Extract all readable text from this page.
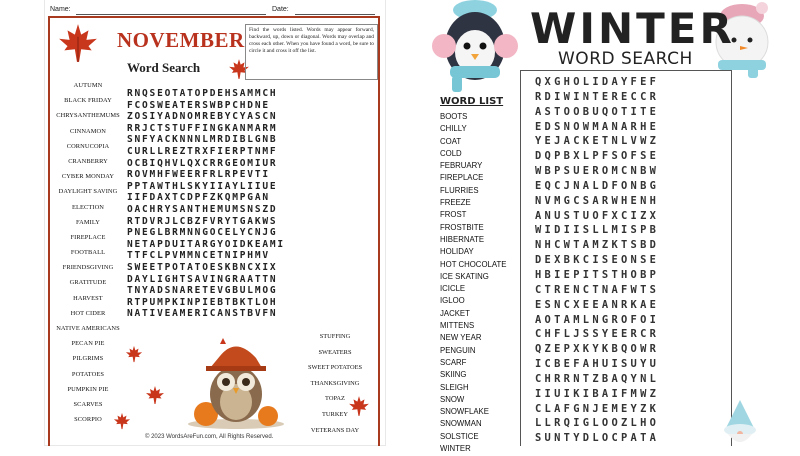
Name:	Date:
NOVEMBER
Word Search
Find the words listed. Words may appear forward, backward, up, down or diagonal. Words may overlap and cross each other. When you have found a word, be sure to circle it and cross it off the list.
AUTUMN
BLACK FRIDAY
CHRYSANTHEMUMS
CINNAMON
CORNUCOPIA
CRANBERRY
CYBER MONDAY
DAYLIGHT SAVING
ELECTION
FAMILY
FIREPLACE
FOOTBALL
FRIENDSGIVING
GRATITUDE
HARVEST
HOT CIDER
NATIVE AMERICANS
PECAN PIE
PILGRIMS
POTATOES
PUMPKIN PIE
SCARVES
SCORPIO
RNQSEOTATOPDEHSAMMCH
FCOSWEATERSWBPCHDNE
ZOSIYADNOMREBYCYASCN
RRJCTSTUFFINGKANMARM
SNFYACKNNNLMRDIBLGNB
CURLLREZTRXFIERPTNMF
OCBIQHVLQXCRRGEOMIUR
ROVMHFWEERFRLRPEVTI
PPTAWTHLSKYIIAYLIIUE
IIFDAXTCDPFZKQMPGAN
OACHRYSANTHEMUMSNSZD
RTDVRJLCBZFVRYTGAKWS
PNEGLBRMNNGOCELYCNJG
NETAPDUITARGYOIDKEAMI
TTFCLPVMMNCETNIPHMV
SWEETPOTATOESKBNCXIX
DAYLIGHTSAVINGRAATTN
TNYADSNARETEVGBULMOG
RTPUMPKINPIEBTBKTLOH
NATIVEAMERICANSTBVFN
STUFFING
SWEATERS
SWEET POTATOES
THANKSGIVING
TOPAZ
TURKEY
VETERANS DAY
© 2023 WordsAreFun.com, All Rights Reserved.
WINTER
WORD SEARCH
WORD LIST
BOOTS
CHILLY
COAT
COLD
FEBRUARY
FIREPLACE
FLURRIES
FREEZE
FROST
FROSTBITE
HIBERNATE
HOLIDAY
HOT CHOCOLATE
ICE SKATING
ICICLE
IGLOO
JACKET
MITTENS
NEW YEAR
PENGUIN
SCARF
SKIING
SLEIGH
SNOW
SNOWFLAKE
SNOWMAN
SOLSTICE
WINTER
QXGHOLIDAYFEF
RDIWINTERECCR
ASTOOBUQOTITE
EDSNOWMANARHE
YEJACKETNLVWZ
DQPBXLPFSOFSE
WBPSUEROMCNBW
EQCJNALDFONBG
NVMGCSARWHENH
ANUSTUOFXCIZX
WIDIISLLMISPB
NHCWTAMZKTSBD
DEXBKCISEONSE
HBIEPITSTHOBP
CTRENCTNAFWTS
ESNCXEEANRKAE
AOTAMLNGROFOI
CHFLJSSYEERCR
QZEPXKYKBQOWR
ICBEFAHUISUYU
CHRRNTZBAQYNL
IIUIKIBAIFMWZ
CLAFGNJEMEYZK
LLRQIGLOOZLHO
SUNTYDLOCPATA
